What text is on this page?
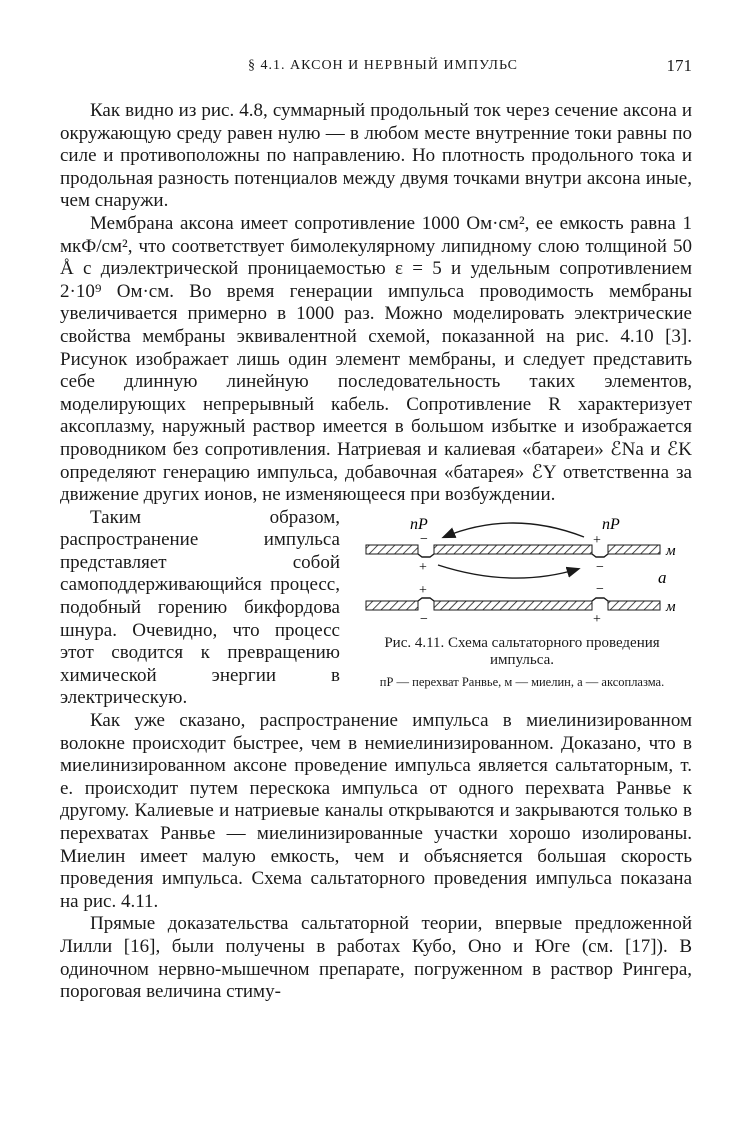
§ 4.1. АКСОН И НЕРВНЫЙ ИМПУЛЬС	171

Как видно из рис. 4.8, суммарный продольный ток через сечение аксона и окружающую среду равен нулю — в любом месте внутренние токи равны по силе и противоположны по направлению. Но плотность продольного тока и продольная разность потенциалов между двумя точками внутри аксона иные, чем снаружи.

Мембрана аксона имеет сопротивление 1000 Ом·см², ее емкость равна 1 мкФ/см², что соответствует бимолекулярному липидному слою толщиной 50 Å с диэлектрической проницаемостью ε = 5 и удельным сопротивлением 2·10⁹ Ом·см. Во время генерации импульса проводимость мембраны увеличивается примерно в 1000 раз. Можно моделировать электрические свойства мембраны эквивалентной схемой, показанной на рис. 4.10 [3]. Рисунок изображает лишь один элемент мембраны, и следует представить себе длинную линейную последовательность таких элементов, моделирующих непрерывный кабель. Сопротивление R характеризует аксоплазму, наружный раствор имеется в большом избытке и изображается проводником без сопротивления. Натриевая и калиевая «батареи» ℰNa и ℰK определяют генерацию импульса, добавочная «батарея» ℰY ответственна за движение других ионов, не изменяющееся при возбуждении.

пР	пР
м
м
а
−	+
+	−
+	−
−	+
Рис. 4.11. Схема сальтаторного проведения импульса.
пР — перехват Ранвье, м — миелин, а — аксоплазма.

Таким образом, распространение импульса представляет собой самоподдерживающийся процесс, подобный горению бикфордова шнура. Очевидно, что процесс этот сводится к превращению химической энергии в электрическую.

Как уже сказано, распространение импульса в миелинизированном волокне происходит быстрее, чем в немиелинизированном. Доказано, что в миелинизированном аксоне проведение импульса является сальтаторным, т. е. происходит путем перескока импульса от одного перехвата Ранвье к другому. Калиевые и натриевые каналы открываются и закрываются только в перехватах Ранвье — миелинизированные участки хорошо изолированы. Миелин имеет малую емкость, чем и объясняется большая скорость проведения импульса. Схема сальтаторного проведения импульса показана на рис. 4.11.

Прямые доказательства сальтаторной теории, впервые предложенной Лилли [16], были получены в работах Кубо, Оно и Юге (см. [17]). В одиночном нервно-мышечном препарате, погруженном в раствор Рингера, пороговая величина стиму-
